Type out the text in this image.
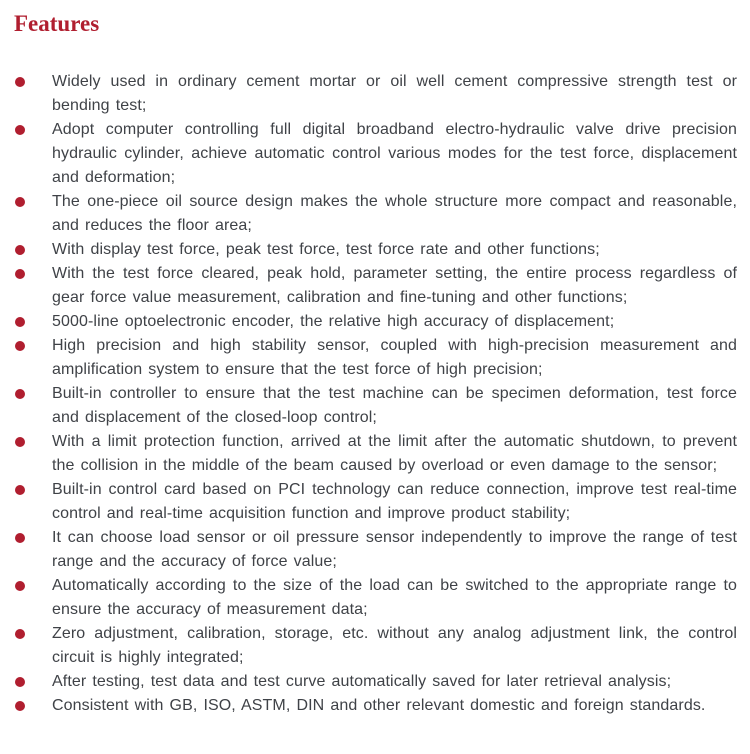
Features
Widely used in ordinary cement mortar or oil well cement compressive strength test or bending test;
Adopt computer controlling full digital broadband electro-hydraulic valve drive precision hydraulic cylinder, achieve automatic control various modes for the test force, displacement and deformation;
The one-piece oil source design makes the whole structure more compact and reasonable, and reduces the floor area;
With display test force, peak test force, test force rate and other functions;
With the test force cleared, peak hold, parameter setting, the entire process regardless of gear force value measurement, calibration and fine-tuning and other functions;
5000-line optoelectronic encoder, the relative high accuracy of displacement;
High precision and high stability sensor, coupled with high-precision measurement and amplification system to ensure that the test force of high precision;
Built-in controller to ensure that the test machine can be specimen deformation, test force and displacement of the closed-loop control;
With a limit protection function, arrived at the limit after the automatic shutdown, to prevent the collision in the middle of the beam caused by overload or even damage to the sensor;
Built-in control card based on PCI technology can reduce connection, improve test real-time control and real-time acquisition function and improve product stability;
It can choose load sensor or oil pressure sensor independently to improve the range of test range and the accuracy of force value;
Automatically according to the size of the load can be switched to the appropriate range to ensure the accuracy of measurement data;
Zero adjustment, calibration, storage, etc. without any analog adjustment link, the control circuit is highly integrated;
After testing, test data and test curve automatically saved for later retrieval analysis;
Consistent with GB, ISO, ASTM, DIN and other relevant domestic and foreign standards.
